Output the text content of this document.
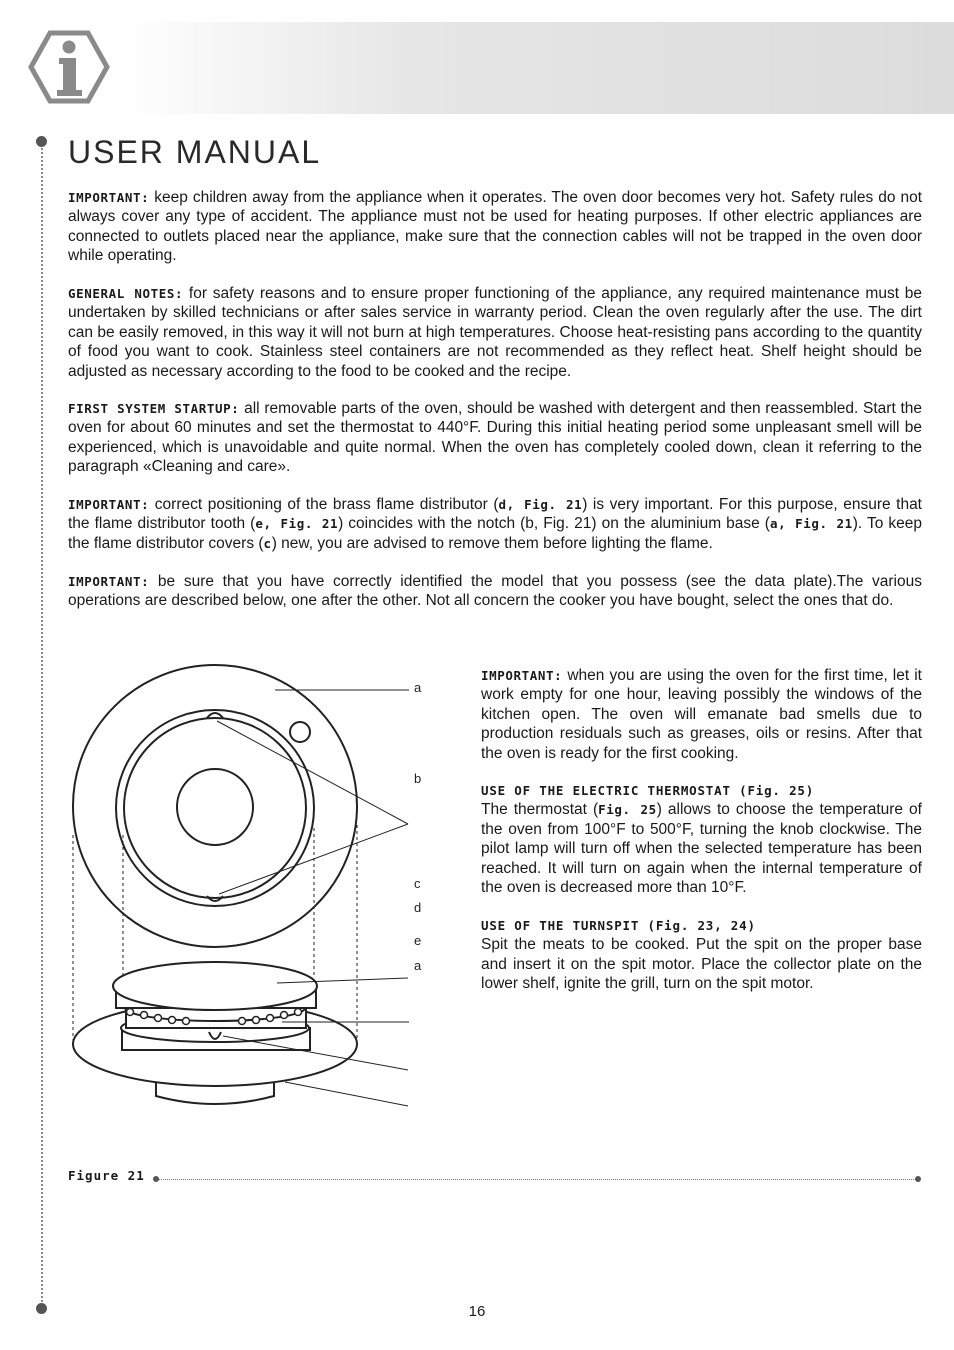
USER MANUAL

IMPORTANT: keep children away from the appliance when it operates. The oven door becomes very hot. Safety rules do not always cover any type of accident. The appliance must not be used for heating purposes. If other electric appliances are connected to outlets placed near the appliance, make sure that the connection cables will not be trapped in the oven door while operating.

GENERAL NOTES: for safety reasons and to ensure proper functioning of the appliance, any required maintenance must be undertaken by skilled technicians or after sales service in warranty period. Clean the oven regularly after the use. The dirt can be easily removed, in this way it will not burn at high temperatures. Choose heat-resisting pans according to the quantity of food you want to cook. Stainless steel containers are not recommended as they reflect heat. Shelf height should be adjusted as necessary according to the food to be cooked and the recipe.

FIRST SYSTEM STARTUP: all removable parts of the oven, should be washed with detergent and then reassembled. Start the oven for about 60 minutes and set the thermostat to 440°F. During this initial heating period some unpleasant smell will be experienced, which is unavoidable and quite normal. When the oven has completely cooled down, clean it referring to the paragraph «Cleaning and care».

IMPORTANT: correct positioning of the brass flame distributor (d, Fig. 21) is very important. For this purpose, ensure that the flame distributor tooth (e, Fig. 21) coincides with the notch (b, Fig. 21) on the aluminium base (a, Fig. 21). To keep the flame distributor covers (c) new, you are advised to remove them before lighting the flame.

IMPORTANT: be sure that you have correctly identified the model that you possess (see the data plate).The various operations are described below, one after the other. Not all concern the cooker you have bought, select the ones that do.

a
b
c
d
e
a

IMPORTANT: when you are using the oven for the first time, let it work empty for one hour, leaving possibly the windows of the kitchen open. The oven will emanate bad smells due to production residuals such as greases, oils or resins. After that the oven is ready for the first cooking.

USE OF THE ELECTRIC THERMOSTAT (Fig. 25)
The thermostat (Fig. 25) allows to choose the temperature of the oven from 100°F to 500°F, turning the knob clockwise. The pilot lamp will turn off when the selected temperature has been reached. It will turn on again when the internal temperature of the oven is decreased more than 10°F.
USE OF THE TURNSPIT (Fig. 23, 24)
Spit the meats to be cooked. Put the spit on the proper base and insert it on the spit motor. Place the collector plate on the lower shelf, ignite the grill, turn on the spit motor.

Figure 21

16
